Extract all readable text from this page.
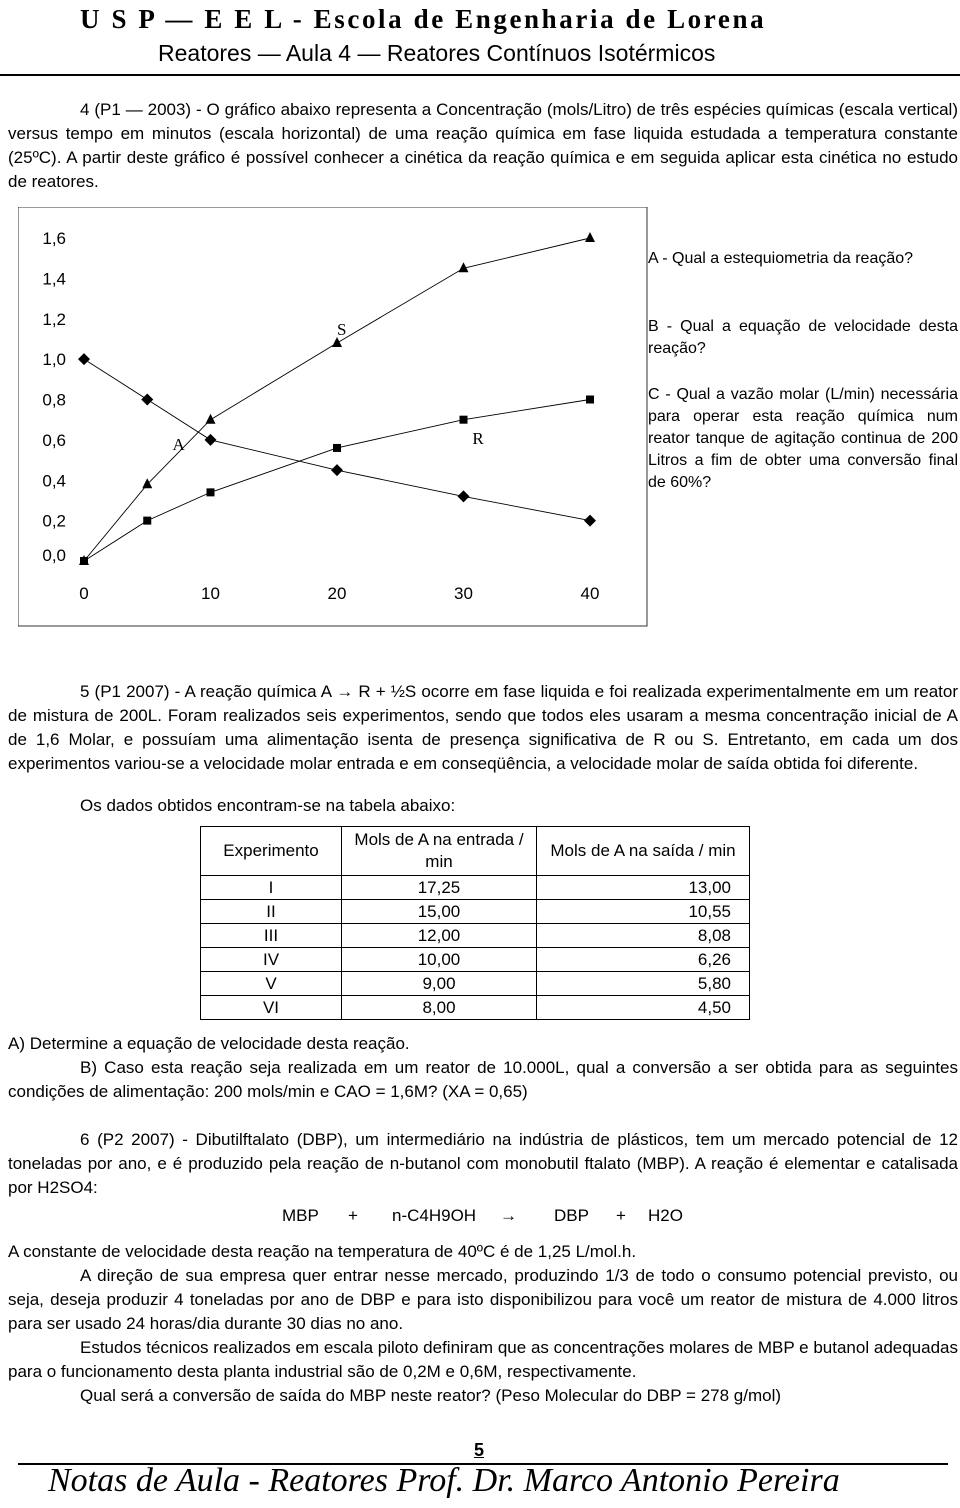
U S P — E E L - Escola de Engenharia de Lorena
Reatores — Aula 4 — Reatores Contínuos Isotérmicos
4 (P1 — 2003) - O gráfico abaixo representa a Concentração (mols/Litro) de três espécies químicas (escala vertical) versus tempo em minutos (escala horizontal) de uma reação química em fase liquida estudada a temperatura constante (25ºC). A partir deste gráfico é possível conhecer a cinética da reação química e em seguida aplicar esta cinética no estudo de reatores.
1,6
1,4
1,2
1,0
0,8
0,6
0,4
0,2
0,0
0	10	20	30	40
A
S
R
A - Qual a estequiometria da reação?
B - Qual a equação de velocidade desta reação?
C - Qual a vazão molar (L/min) necessária para operar esta reação química num reator tanque de agitação continua de 200 Litros a fim de obter uma conversão final de 60%?
5 (P1 2007) - A reação química A → R + ½S ocorre em fase liquida e foi realizada experimentalmente em um reator de mistura de 200L. Foram realizados seis experimentos, sendo que todos eles usaram a mesma concentração inicial de A de 1,6 Molar, e possuíam uma alimentação isenta de presença significativa de R ou S. Entretanto, em cada um dos experimentos variou-se a velocidade molar entrada e em conseqüência, a velocidade molar de saída obtida foi diferente.
Os dados obtidos encontram-se na tabela abaixo:
Experimento	Mols de A na entrada / min	Mols de A na saída / min
I	17,25	13,00
II	15,00	10,55
III	12,00	8,08
IV	10,00	6,26
V	9,00	5,80
VI	8,00	4,50
A) Determine a equação de velocidade desta reação.
B) Caso esta reação seja realizada em um reator de 10.000L, qual a conversão a ser obtida para as seguintes condições de alimentação: 200 mols/min e CAO = 1,6M? (XA = 0,65)
6 (P2 2007) - Dibutilftalato (DBP), um intermediário na indústria de plásticos, tem um mercado potencial de 12 toneladas por ano, e é produzido pela reação de n-butanol com monobutil ftalato (MBP). A reação é elementar e catalisada por H2SO4:
MBP + n-C4H9OH → DBP + H2O
A constante de velocidade desta reação na temperatura de 40ºC é de 1,25 L/mol.h.
A direção de sua empresa quer entrar nesse mercado, produzindo 1/3 de todo o consumo potencial previsto, ou seja, deseja produzir 4 toneladas por ano de DBP e para isto disponibilizou para você um reator de mistura de 4.000 litros para ser usado 24 horas/dia durante 30 dias no ano.
Estudos técnicos realizados em escala piloto definiram que as concentrações molares de MBP e butanol adequadas para o funcionamento desta planta industrial são de 0,2M e 0,6M, respectivamente.
Qual será a conversão de saída do MBP neste reator? (Peso Molecular do DBP = 278 g/mol)
5
Notas de Aula - Reatores Prof. Dr. Marco Antonio Pereira
